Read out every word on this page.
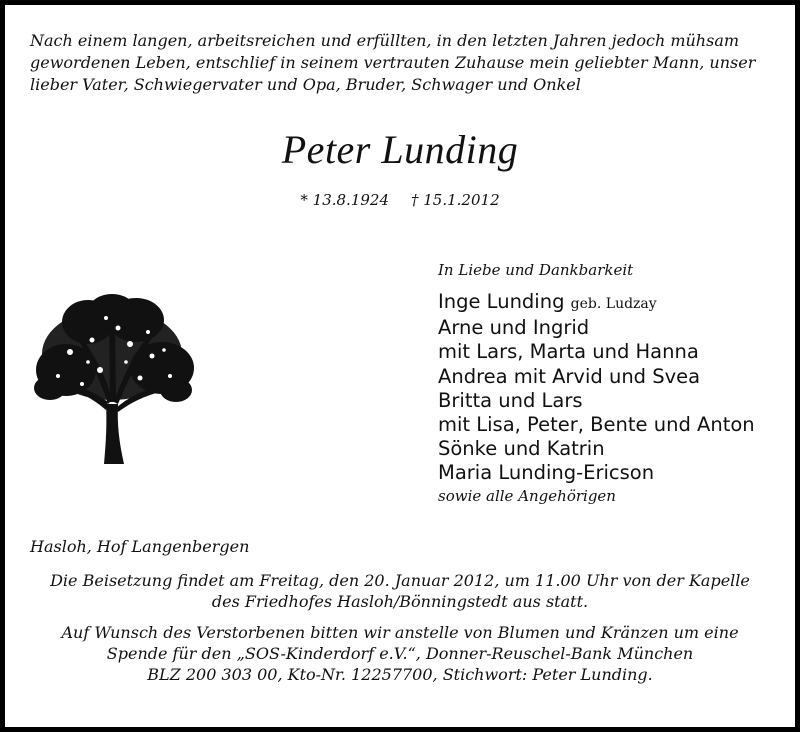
Nach einem langen, arbeitsreichen und erfüllten, in den letzten Jahren jedoch mühsam
gewordenen Leben, entschlief in seinem vertrauten Zuhause mein geliebter Mann, unser
lieber Vater, Schwiegervater und Opa, Bruder, Schwager und Onkel
Peter Lunding
* 13.8.1924 † 15.1.2012
In Liebe und Dankbarkeit
Inge Lunding geb. Ludzay
Arne und Ingrid
mit Lars, Marta und Hanna
Andrea mit Arvid und Svea
Britta und Lars
mit Lisa, Peter, Bente und Anton
Sönke und Katrin
Maria Lunding-Ericson
sowie alle Angehörigen
Hasloh, Hof Langenbergen
Die Beisetzung findet am Freitag, den 20. Januar 2012, um 11.00 Uhr von der Kapelle
des Friedhofes Hasloh/Bönningstedt aus statt.
Auf Wunsch des Verstorbenen bitten wir anstelle von Blumen und Kränzen um eine
Spende für den „SOS-Kinderdorf e.V.“, Donner-Reuschel-Bank München
BLZ 200 303 00, Kto-Nr. 12257700, Stichwort: Peter Lunding.
